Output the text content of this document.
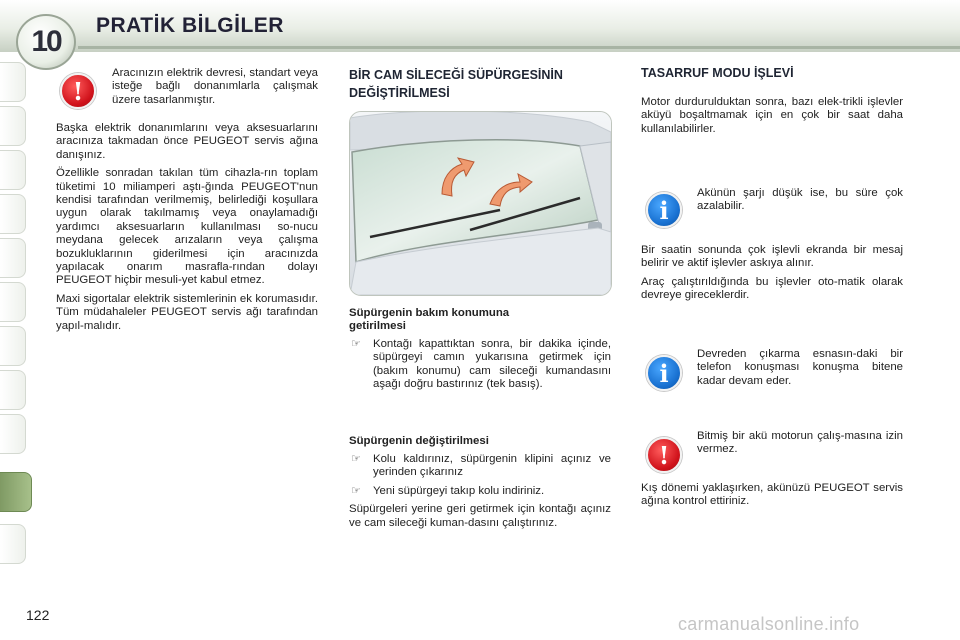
10 PRATİK BİLGİLER
!

Aracınızın elektrik devresi, standart veya isteğe bağlı donanımlarla çalışmak üzere tasarlanmıştır.

Başka elektrik donanımlarını veya aksesuarlarını aracınıza takmadan önce PEUGEOT servis ağına danışınız.

Özellikle sonradan takılan tüm cihazla-rın toplam tüketimi 10 miliamperi aştı-ğında PEUGEOT'nun kendisi tarafından verilmemiş, belirlediği koşullara uygun olarak takılmamış veya onaylamadığı yardımcı aksesuarların kullanılması so-nucu meydana gelecek arızaların veya çalışma bozukluklarının giderilmesi için aracınızda yapılacak onarım masrafla-rından dolayı PEUGEOT hiçbir mesuli-yet kabul etmez.

Maxi sigortalar elektrik sistemlerinin ek korumasıdır. Tüm müdahaleler PEUGEOT servis ağı tarafından yapıl-malıdır.

BİR CAM SİLECEĞİ SÜPÜRGESİNİN

DEĞİŞTİRİLMESİ

Süpürgenin bakım konumuna
getirilmesi

☞ Kontağı kapattıktan sonra, bir dakika içinde, süpürgeyi camın yukarısına getirmek için (bakım konumu) cam sileceği kumandasını aşağı doğru bastırınız (tek basış).

Süpürgenin değiştirilmesi

☞ Kolu kaldırınız, süpürgenin klipini açınız ve yerinden çıkarınız
☞ Yeni süpürgeyi takıp kolu indiriniz.

Süpürgeleri yerine geri getirmek için kontağı açınız ve cam sileceği kuman-dasını çalıştırınız.

TASARRUF MODU İŞLEVİ

Motor durdurulduktan sonra, bazı elek-trikli işlevler aküyü boşaltmamak için en çok bir saat daha kullanılabilirler.

i

Akünün şarjı düşük ise, bu süre çok azalabilir.

Bir saatin sonunda çok işlevli ekranda bir mesaj belirir ve aktif işlevler askıya alınır.

Araç çalıştırıldığında bu işlevler oto-matik olarak devreye gireceklerdir.

i

Devreden çıkarma esnasın-daki bir telefon konuşması konuşma bitene kadar devam eder.

!

Bitmiş bir akü motorun çalış-masına izin vermez.

Kış dönemi yaklaşırken, akünüzü PEUGEOT servis ağına kontrol ettiriniz.

122	carmanualsonline.info
